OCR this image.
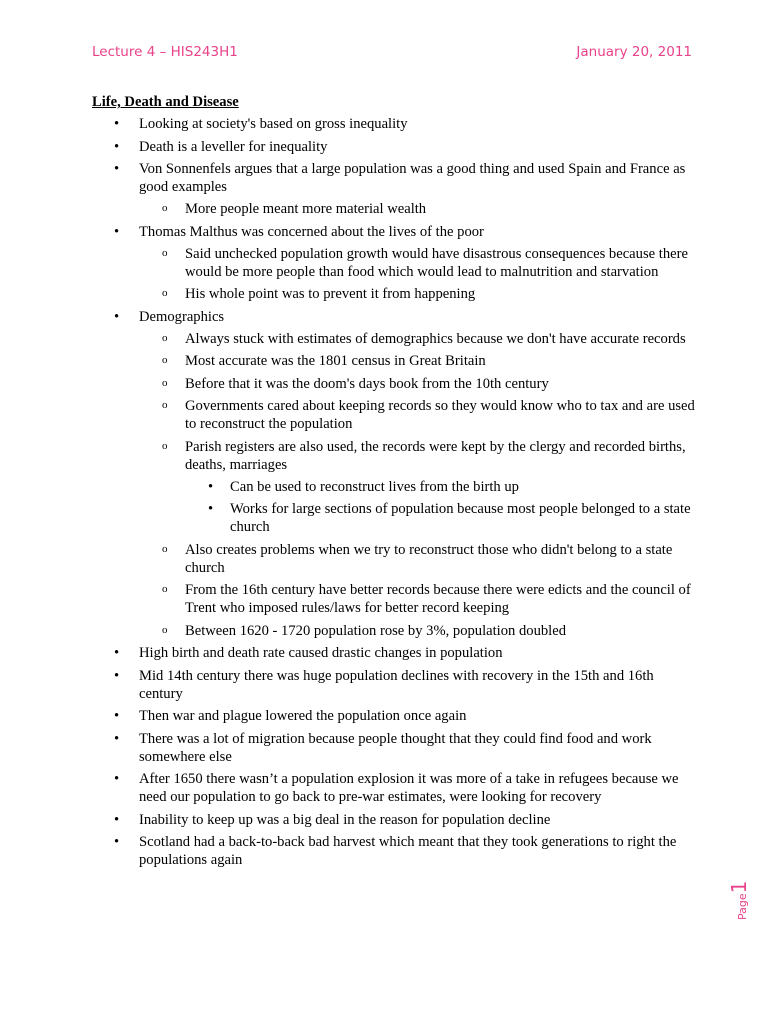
Lecture 4 – HIS243H1	January 20, 2011
Life, Death and Disease
• Looking at society's based on gross inequality
• Death is a leveller for inequality
• Von Sonnenfels argues that a large population was a good thing and used Spain and France as good examples
o More people meant more material wealth
• Thomas Malthus was concerned about the lives of the poor
o Said unchecked population growth would have disastrous consequences because there would be more people than food which would lead to malnutrition and starvation
o His whole point was to prevent it from happening
• Demographics
o Always stuck with estimates of demographics because we don't have accurate records
o Most accurate was the 1801 census in Great Britain
o Before that it was the doom's days book from the 10th century
o Governments cared about keeping records so they would know who to tax and are used to reconstruct the population
o Parish registers are also used, the records were kept by the clergy and recorded births, deaths, marriages
• Can be used to reconstruct lives from the birth up
• Works for large sections of population because most people belonged to a state church
o Also creates problems when we try to reconstruct those who didn't belong to a state church
o From the 16th century have better records because there were edicts and the council of Trent who imposed rules/laws for better record keeping
o Between 1620 - 1720 population rose by 3%, population doubled
• High birth and death rate caused drastic changes in population
• Mid 14th century there was huge population declines with recovery in the 15th and 16th century
• Then war and plague lowered the population once again
• There was a lot of migration because people thought that they could find food and work somewhere else
• After 1650 there wasn’t a population explosion it was more of a take in refugees because we need our population to go back to pre-war estimates, were looking for recovery
• Inability to keep up was a big deal in the reason for population decline
• Scotland had a back-to-back bad harvest which meant that they took generations to right the populations again
Page1
